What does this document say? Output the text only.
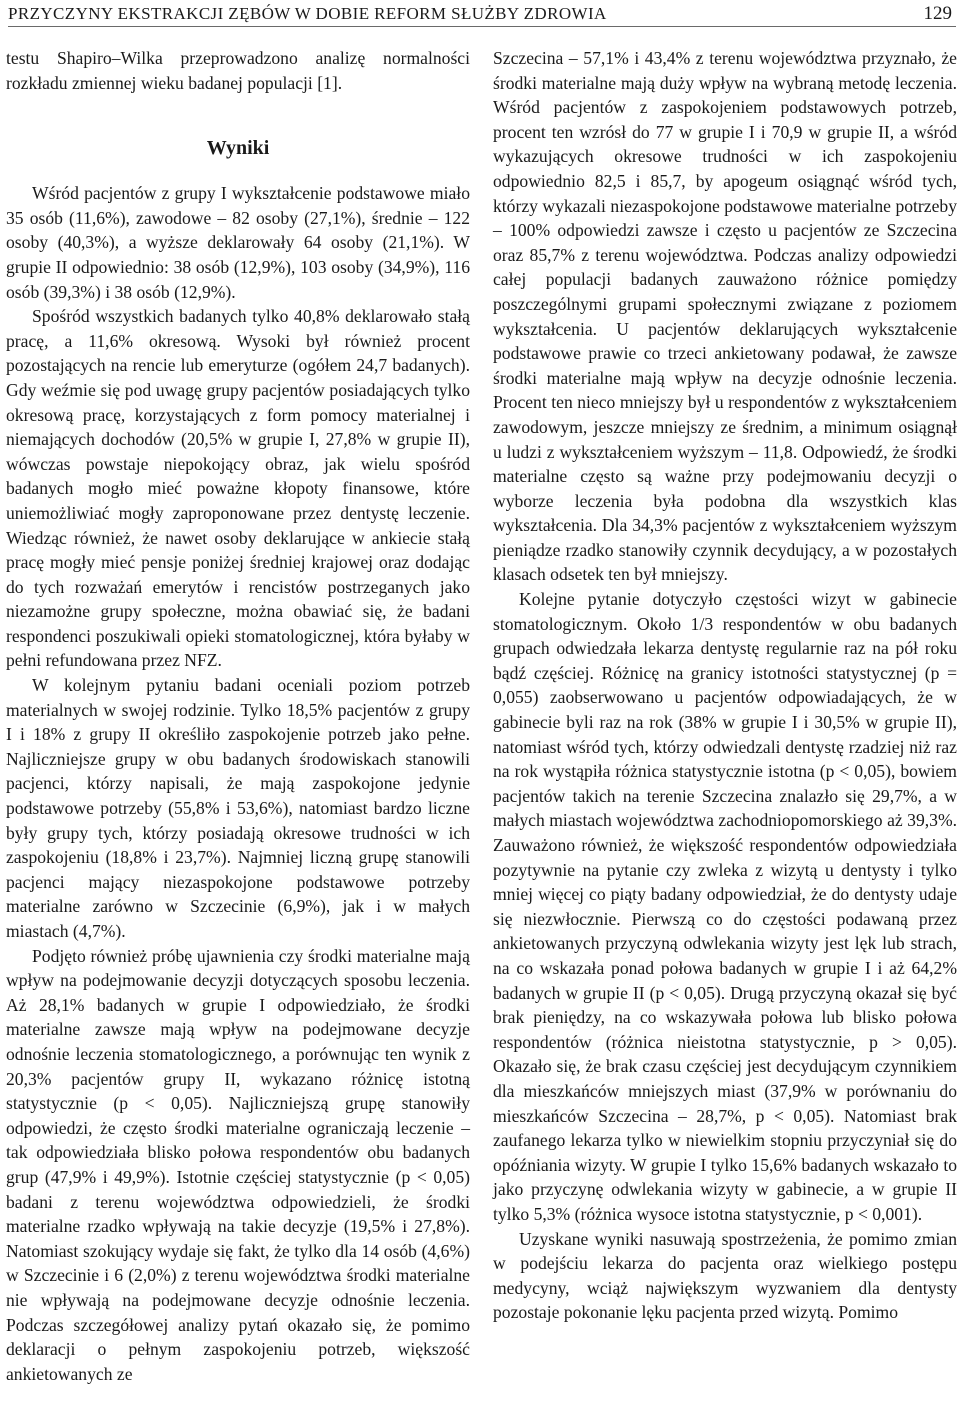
PRZYCZYNY EKSTRAKCJI ZĘBÓW W DOBIE REFORM SŁUŻBY ZDROWIA	129

testu Shapiro–Wilka przeprowadzono analizę normalności rozkładu zmiennej wieku badanej populacji [1].

Wyniki

Wśród pacjentów z grupy I wykształcenie podstawowe miało 35 osób (11,6%), zawodowe – 82 osoby (27,1%), średnie – 122 osoby (40,3%), a wyższe deklarowały 64 osoby (21,1%). W grupie II odpowiednio: 38 osób (12,9%), 103 osoby (34,9%), 116 osób (39,3%) i 38 osób (12,9%).

Spośród wszystkich badanych tylko 40,8% deklarowało stałą pracę, a 11,6% okresową. Wysoki był również procent pozostających na rencie lub emeryturze (ogółem 24,7 badanych). Gdy weźmie się pod uwagę grupy pacjentów posiadających tylko okresową pracę, korzystających z form pomocy materialnej i niemających dochodów (20,5% w grupie I, 27,8% w grupie II), wówczas powstaje niepokojący obraz, jak wielu spośród badanych mogło mieć poważne kłopoty finansowe, które uniemożliwiać mogły zaproponowane przez dentystę leczenie. Wiedząc również, że nawet osoby deklarujące w ankiecie stałą pracę mogły mieć pensje poniżej średniej krajowej oraz dodając do tych rozważań emerytów i rencistów postrzeganych jako niezamożne grupy społeczne, można obawiać się, że badani respondenci poszukiwali opieki stomatologicznej, która byłaby w pełni refundowana przez NFZ.

W kolejnym pytaniu badani oceniali poziom potrzeb materialnych w swojej rodzinie. Tylko 18,5% pacjentów z grupy I i 18% z grupy II określiło zaspokojenie potrzeb jako pełne. Najliczniejsze grupy w obu badanych środowiskach stanowili pacjenci, którzy napisali, że mają zaspokojone jedynie podstawowe potrzeby (55,8% i 53,6%), natomiast bardzo liczne były grupy tych, którzy posiadają okresowe trudności w ich zaspokojeniu (18,8% i 23,7%). Najmniej liczną grupę stanowili pacjenci mający niezaspokojone podstawowe potrzeby materialne zarówno w Szczecinie (6,9%), jak i w małych miastach (4,7%).

Podjęto również próbę ujawnienia czy środki materialne mają wpływ na podejmowanie decyzji dotyczących sposobu leczenia. Aż 28,1% badanych w grupie I odpowiedziało, że środki materialne zawsze mają wpływ na podejmowane decyzje odnośnie leczenia stomatologicznego, a porównując ten wynik z 20,3% pacjentów grupy II, wykazano różnicę istotną statystycznie (p < 0,05). Najliczniejszą grupę stanowiły odpowiedzi, że często środki materialne ograniczają leczenie – tak odpowiedziała blisko połowa respondentów obu badanych grup (47,9% i 49,9%). Istotnie częściej statystycznie (p < 0,05) badani z terenu województwa odpowiedzieli, że środki materialne rzadko wpływają na takie decyzje (19,5% i 27,8%). Natomiast szokujący wydaje się fakt, że tylko dla 14 osób (4,6%) w Szczecinie i 6 (2,0%) z terenu województwa środki materialne nie wpływają na podejmowane decyzje odnośnie leczenia. Podczas szczegółowej analizy pytań okazało się, że pomimo deklaracji o pełnym zaspokojeniu potrzeb, większość ankietowanych ze

Szczecina – 57,1% i 43,4% z terenu województwa przyznało, że środki materialne mają duży wpływ na wybraną metodę leczenia. Wśród pacjentów z zaspokojeniem podstawowych potrzeb, procent ten wzrósł do 77 w grupie I i 70,9 w grupie II, a wśród wykazujących okresowe trudności w ich zaspokojeniu odpowiednio 82,5 i 85,7, by apogeum osiągnąć wśród tych, którzy wykazali niezaspokojone podstawowe materialne potrzeby – 100% odpowiedzi zawsze i często u pacjentów ze Szczecina oraz 85,7% z terenu województwa. Podczas analizy odpowiedzi całej populacji badanych zauważono różnice pomiędzy poszczególnymi grupami społecznymi związane z poziomem wykształcenia. U pacjentów deklarujących wykształcenie podstawowe prawie co trzeci ankietowany podawał, że zawsze środki materialne mają wpływ na decyzje odnośnie leczenia. Procent ten nieco mniejszy był u respondentów z wykształceniem zawodowym, jeszcze mniejszy ze średnim, a minimum osiągnął u ludzi z wykształceniem wyższym – 11,8. Odpowiedź, że środki materialne często są ważne przy podejmowaniu decyzji o wyborze leczenia była podobna dla wszystkich klas wykształcenia. Dla 34,3% pacjentów z wykształceniem wyższym pieniądze rzadko stanowiły czynnik decydujący, a w pozostałych klasach odsetek ten był mniejszy.

Kolejne pytanie dotyczyło częstości wizyt w gabinecie stomatologicznym. Około 1/3 respondentów w obu badanych grupach odwiedzała lekarza dentystę regularnie raz na pół roku bądź częściej. Różnicę na granicy istotności statystycznej (p = 0,055) zaobserwowano u pacjentów odpowiadających, że w gabinecie byli raz na rok (38% w grupie I i 30,5% w grupie II), natomiast wśród tych, którzy odwiedzali dentystę rzadziej niż raz na rok wystąpiła różnica statystycznie istotna (p < 0,05), bowiem pacjentów takich na terenie Szczecina znalazło się 29,7%, a w małych miastach województwa zachodniopomorskiego aż 39,3%. Zauważono również, że większość respondentów odpowiedziała pozytywnie na pytanie czy zwleka z wizytą u dentysty i tylko mniej więcej co piąty badany odpowiedział, że do dentysty udaje się niezwłocznie. Pierwszą co do częstości podawaną przez ankietowanych przyczyną odwlekania wizyty jest lęk lub strach, na co wskazała ponad połowa badanych w grupie I i aż 64,2% badanych w grupie II (p < 0,05). Drugą przyczyną okazał się być brak pieniędzy, na co wskazywała połowa lub blisko połowa respondentów (różnica nieistotna statystycznie, p > 0,05). Okazało się, że brak czasu częściej jest decydującym czynnikiem dla mieszkańców mniejszych miast (37,9% w porównaniu do mieszkańców Szczecina – 28,7%, p < 0,05). Natomiast brak zaufanego lekarza tylko w niewielkim stopniu przyczyniał się do opóźniania wizyty. W grupie I tylko 15,6% badanych wskazało to jako przyczynę odwlekania wizyty w gabinecie, a w grupie II tylko 5,3% (różnica wysoce istotna statystycznie, p < 0,001).

Uzyskane wyniki nasuwają spostrzeżenia, że pomimo zmian w podejściu lekarza do pacjenta oraz wielkiego postępu medycyny, wciąż największym wyzwaniem dla dentysty pozostaje pokonanie lęku pacjenta przed wizytą. Pomimo
